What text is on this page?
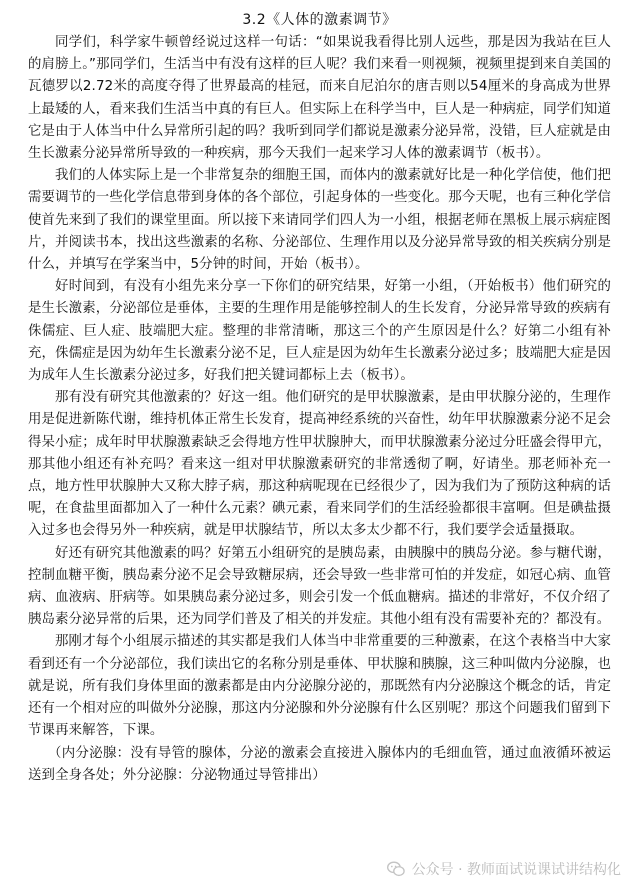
3.2《人体的激素调节》

同学们，科学家牛顿曾经说过这样一句话：“如果说我看得比别人远些，那是因为我站在巨人的肩膀上。”那同学们，生活当中有没有这样的巨人呢？我们来看一则视频，视频里提到来自美国的瓦德罗以2.72米的高度夺得了世界最高的桂冠，而来自尼泊尔的唐吉则以54厘米的身高成为世界上最矮的人，看来我们生活当中真的有巨人。但实际上在科学当中，巨人是一种病症，同学们知道它是由于人体当中什么异常所引起的吗？我听到同学们都说是激素分泌异常，没错，巨人症就是由生长激素分泌异常所导致的一种疾病，那今天我们一起来学习人体的激素调节（板书）。

我们的人体实际上是一个非常复杂的细胞王国，而体内的激素就好比是一种化学信使，他们把需要调节的一些化学信息带到身体的各个部位，引起身体的一些变化。那今天呢，也有三种化学信使首先来到了我们的课堂里面。所以接下来请同学们四人为一小组，根据老师在黑板上展示病症图片，并阅读书本，找出这些激素的名称、分泌部位、生理作用以及分泌异常导致的相关疾病分别是什么，并填写在学案当中，5分钟的时间，开始（板书）。

好时间到，有没有小组先来分享一下你们的研究结果，好第一小组，（开始板书）他们研究的是生长激素，分泌部位是垂体，主要的生理作用是能够控制人的生长发育，分泌异常导致的疾病有侏儒症、巨人症、肢端肥大症。整理的非常清晰，那这三个的产生原因是什么？好第二小组有补充，侏儒症是因为幼年生长激素分泌不足，巨人症是因为幼年生长激素分泌过多；肢端肥大症是因为成年人生长激素分泌过多，好我们把关键词都标上去（板书）。

那有没有研究其他激素的？好这一组。他们研究的是甲状腺激素，是由甲状腺分泌的，生理作用是促进新陈代谢，维持机体正常生长发育，提高神经系统的兴奋性，幼年甲状腺激素分泌不足会得呆小症；成年时甲状腺激素缺乏会得地方性甲状腺肿大，而甲状腺激素分泌过分旺盛会得甲亢，那其他小组还有补充吗？看来这一组对甲状腺激素研究的非常透彻了啊，好请坐。那老师补充一点，地方性甲状腺肿大又称大脖子病，那这种病呢现在已经很少了，因为我们为了预防这种病的话呢，在食盐里面都加入了一种什么元素？碘元素，看来同学们的生活经验都很丰富啊。但是碘盐摄入过多也会得另外一种疾病，就是甲状腺结节，所以太多太少都不行，我们要学会适量摄取。

好还有研究其他激素的吗？好第五小组研究的是胰岛素，由胰腺中的胰岛分泌。参与糖代谢，控制血糖平衡，胰岛素分泌不足会导致糖尿病，还会导致一些非常可怕的并发症，如冠心病、血管病、血液病、肝病等。如果胰岛素分泌过多，则会引发一个低血糖病。描述的非常好，不仅介绍了胰岛素分泌异常的后果，还为同学们普及了相关的并发症。其他小组有没有需要补充的？都没有。

那刚才每个小组展示描述的其实都是我们人体当中非常重要的三种激素，在这个表格当中大家看到还有一个分泌部位，我们读出它的名称分别是垂体、甲状腺和胰腺，这三种叫做内分泌腺，也就是说，所有我们身体里面的激素都是由内分泌腺分泌的，那既然有内分泌腺这个概念的话，肯定还有一个相对应的叫做外分泌腺，那这内分泌腺和外分泌腺有什么区别呢？那这个问题我们留到下节课再来解答，下课。

（内分泌腺：没有导管的腺体，分泌的激素会直接进入腺体内的毛细血管，通过血液循环被运送到全身各处；外分泌腺：分泌物通过导管排出）

公众号 · 教师面试说课试讲结构化
